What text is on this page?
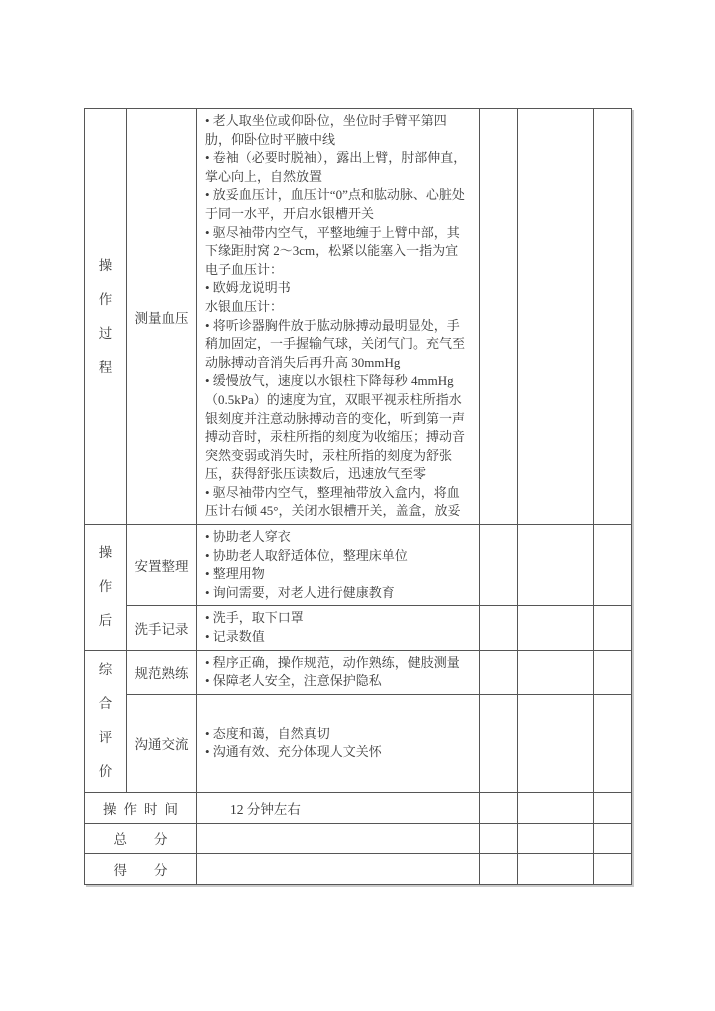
操作过程	测量血压	
• 老人取坐位或仰卧位，坐位时手臂平第四肋，仰卧位时平腋中线
• 卷袖（必要时脱袖），露出上臂，肘部伸直，掌心向上，自然放置
• 放妥血压计，血压计“0”点和肱动脉、心脏处于同一水平，开启水银槽开关
• 驱尽袖带内空气，平整地缠于上臂中部，其下缘距肘窝 2～3cm，松紧以能塞入一指为宜
电子血压计：
• 欧姆龙说明书
水银血压计：
• 将听诊器胸件放于肱动脉搏动最明显处，手稍加固定，一手握输气球，关闭气门。充气至动脉搏动音消失后再升高 30mmHg
• 缓慢放气，速度以水银柱下降每秒 4mmHg（0.5kPa）的速度为宜，双眼平视汞柱所指水银刻度并注意动脉搏动音的变化，听到第一声搏动音时，汞柱所指的刻度为收缩压；搏动音突然变弱或消失时，汞柱所指的刻度为舒张压，获得舒张压读数后，迅速放气至零
• 驱尽袖带内空气，整理袖带放入盒内，将血压计右倾 45°，关闭水银槽开关，盖盒，放妥

操作后	安置整理	• 协助老人穿衣
• 协助老人取舒适体位，整理床单位
• 整理用物
• 询问需要，对老人进行健康教育			

	洗手记录	• 洗手，取下口罩
• 记录数值			

综合评价	规范熟练	• 程序正确，操作规范，动作熟练，健肢测量
• 保障老人安全，注意保护隐私			

	沟通交流	• 态度和蔼，自然真切
• 沟通有效、充分体现人文关怀			

操作时间		12 分钟左右			
总　　分					
得　　分					
